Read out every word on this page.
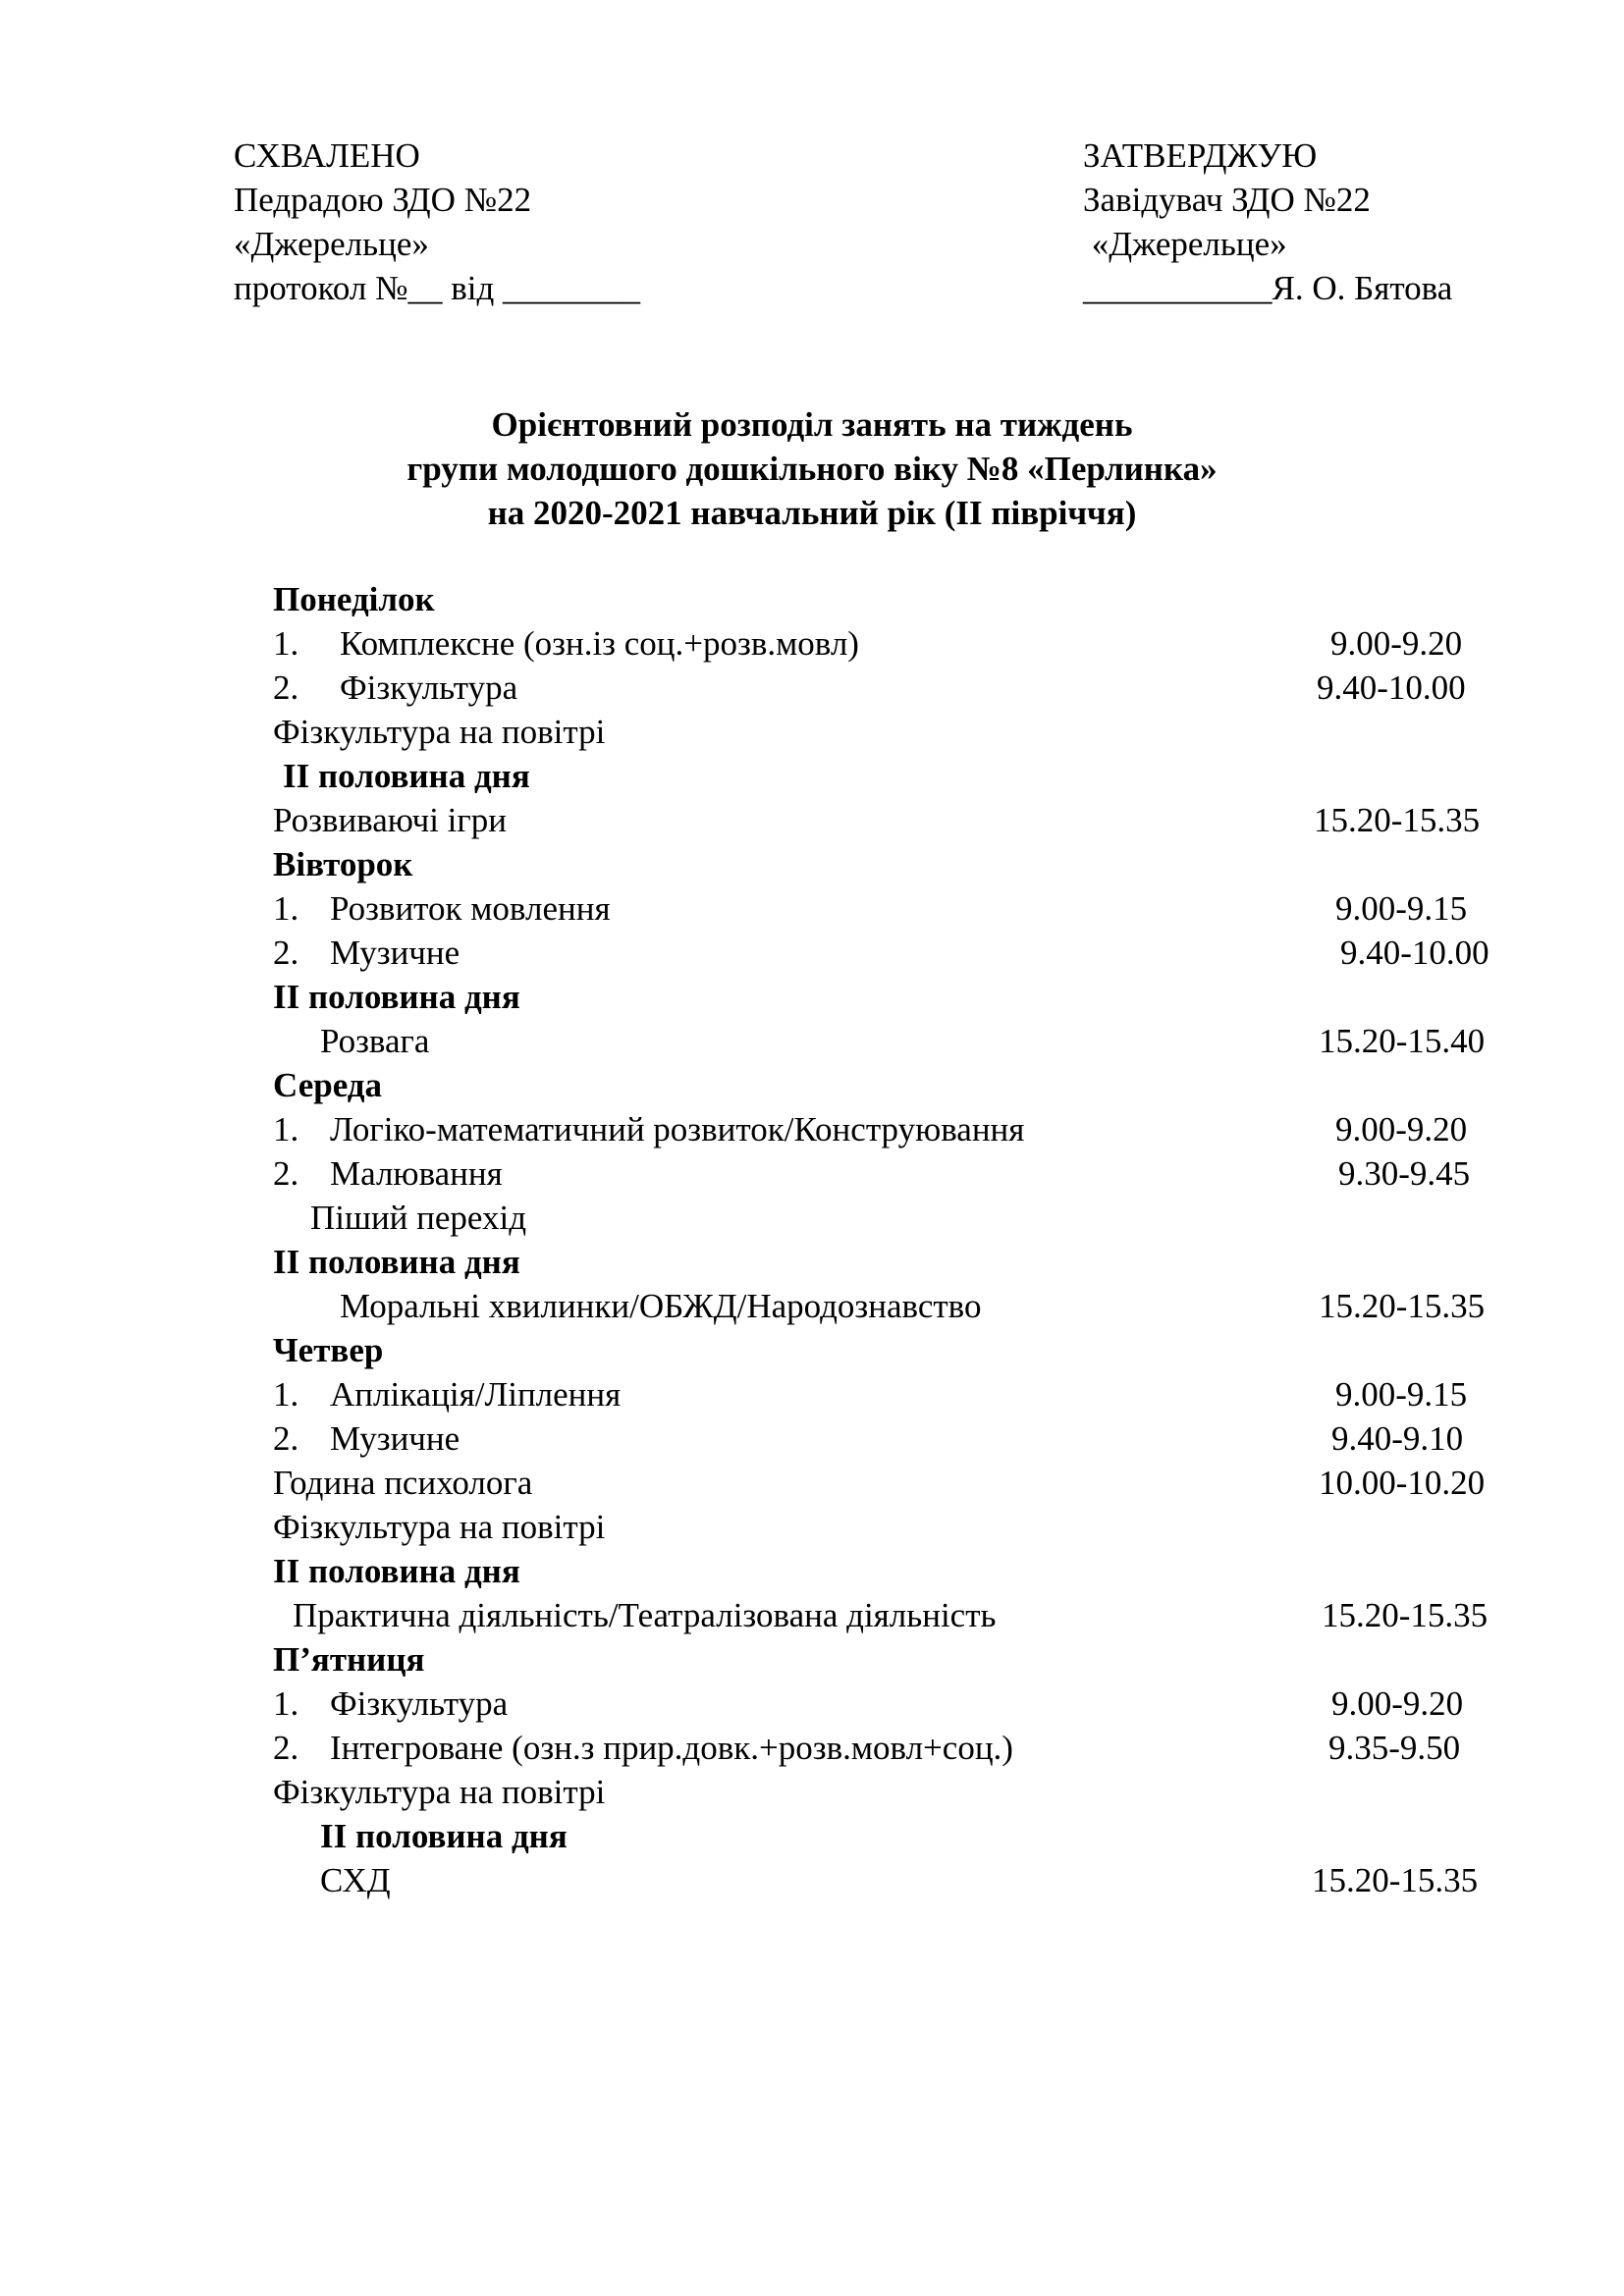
СХВАЛЕНО
Педрадою ЗДО №22
«Джерельце»
протокол №__ від ________
ЗАТВЕРДЖУЮ
Завідувач ЗДО №22
«Джерельце»
___________Я. О. Бятова
Орієнтовний розподіл занять на тиждень
групи молодшого дошкільного віку №8 «Перлинка»
на 2020-2021 навчальний рік (ІІ півріччя)
Понеділок
1. Комплексне (озн.із соц.+розв.мовл)	9.00-9.20
2. Фізкультура	9.40-10.00
Фізкультура на повітрі
ІІ половина дня
Розвиваючі ігри	15.20-15.35
Вівторок
1. Розвиток мовлення	9.00-9.15
2. Музичне	9.40-10.00
ІІ половина дня
Розвага	15.20-15.40
Середа
1. Логіко-математичний розвиток/Конструювання	9.00-9.20
2. Малювання	9.30-9.45
Піший перехід
ІІ половина дня
Моральні хвилинки/ОБЖД/Народознавство	15.20-15.35
Четвер
1. Аплікація/Ліплення	9.00-9.15
2. Музичне	9.40-9.10
Година психолога	10.00-10.20
Фізкультура на повітрі
ІІ половина дня
Практична діяльність/Театралізована діяльність	15.20-15.35
П’ятниця
1. Фізкультура	9.00-9.20
2. Інтегроване (озн.з прир.довк.+розв.мовл+соц.)	9.35-9.50
Фізкультура на повітрі
ІІ половина дня
СХД	15.20-15.35
